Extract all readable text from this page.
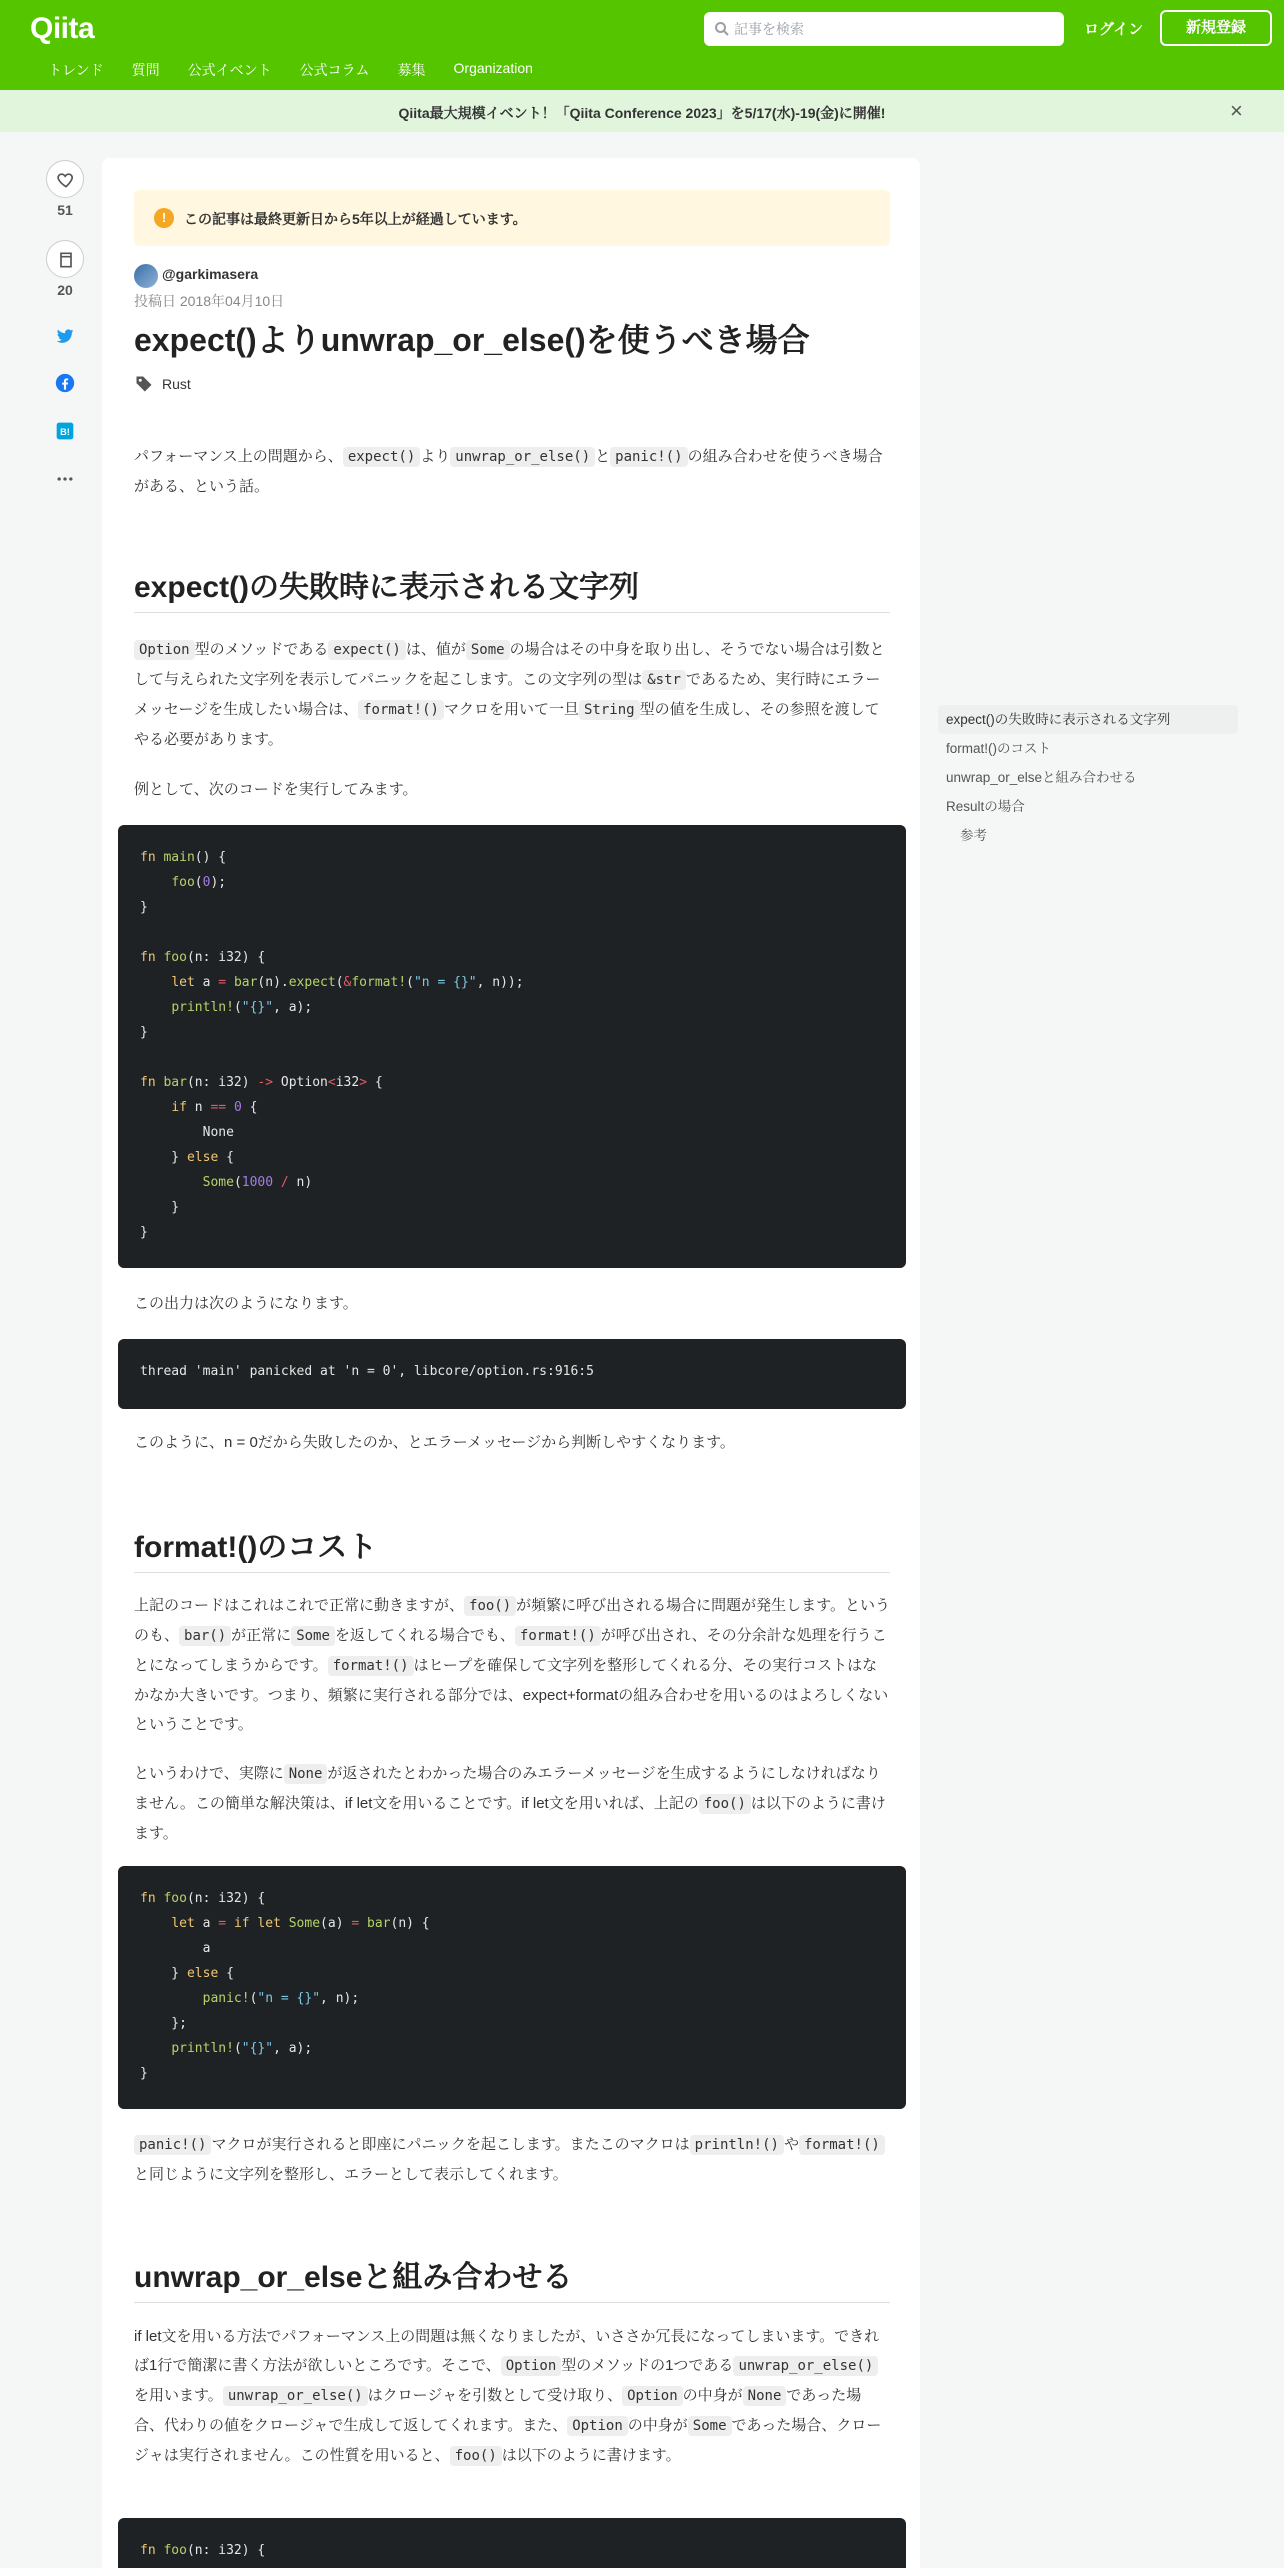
Qiita
記事を検索	ログイン	新規登録
トレンド 質問 公式イベント 公式コラム 募集 Organization
Qiita最大規模イベント！「Qiita Conference 2023」を5/17(水)-19(金)に開催!	×
51
20
B!
!	この記事は最終更新日から5年以上が経過しています。
@garkimasera
投稿日 2018年04月10日
expect()よりunwrap_or_else()を使うべき場合
Rust
パフォーマンス上の問題から、 expect() より unwrap_or_else() と panic!() の組み合わせを使うべき場合がある、という話。
expect()の失敗時に表示される文字列
Option 型のメソッドである expect() は、値が Some の場合はその中身を取り出し、そうでない場合は引数として与えられた文字列を表示してパニックを起こします。この文字列の型は &str であるため、実行時にエラーメッセージを生成したい場合は、 format!() マクロを用いて一旦 String 型の値を生成し、その参照を渡してやる必要があります。
例として、次のコードを実行してみます。
fn main() {
foo(0);
}

fn foo(n: i32) {
let a = bar(n).expect(&format!("n = {}", n));
println!("{}", a);
}

fn bar(n: i32) -> Option<i32> {
if n == 0 {
None
} else {
Some(1000 / n)
}
}
この出力は次のようになります。
thread 'main' panicked at 'n = 0', libcore/option.rs:916:5
このように、n = 0だから失敗したのか、とエラーメッセージから判断しやすくなります。
format!()のコスト
上記のコードはこれはこれで正常に動きますが、 foo() が頻繁に呼び出される場合に問題が発生します。というのも、 bar() が正常に Some を返してくれる場合でも、 format!() が呼び出され、その分余計な処理を行うことになってしまうからです。 format!() はヒープを確保して文字列を整形してくれる分、その実行コストはなかなか大きいです。つまり、頻繁に実行される部分では、expect+formatの組み合わせを用いるのはよろしくないということです。
というわけで、実際に None が返されたとわかった場合のみエラーメッセージを生成するようにしなければなりません。この簡単な解決策は、if let文を用いることです。if let文を用いれば、上記の foo() は以下のように書けます。
fn foo(n: i32) {
let a = if let Some(a) = bar(n) {
a
} else {
panic!("n = {}", n);
};
println!("{}", a);
}
panic!() マクロが実行されると即座にパニックを起こします。またこのマクロは println!() や format!()と同じように文字列を整形し、エラーとして表示してくれます。
unwrap_or_elseと組み合わせる
if let文を用いる方法でパフォーマンス上の問題は無くなりましたが、いささか冗長になってしまいます。できれば1行で簡潔に書く方法が欲しいところです。そこで、 Option 型のメソッドの1つである unwrap_or_else()を用います。 unwrap_or_else() はクロージャを引数として受け取り、 Option の中身が None であった場合、代わりの値をクロージャで生成して返してくれます。また、 Option の中身が Some であった場合、クロージャは実行されません。この性質を用いると、 foo() は以下のように書けます。
fn foo(n: i32) {
expect()の失敗時に表示される文字列
format!()のコスト
unwrap_or_elseと組み合わせる
Resultの場合
参考
